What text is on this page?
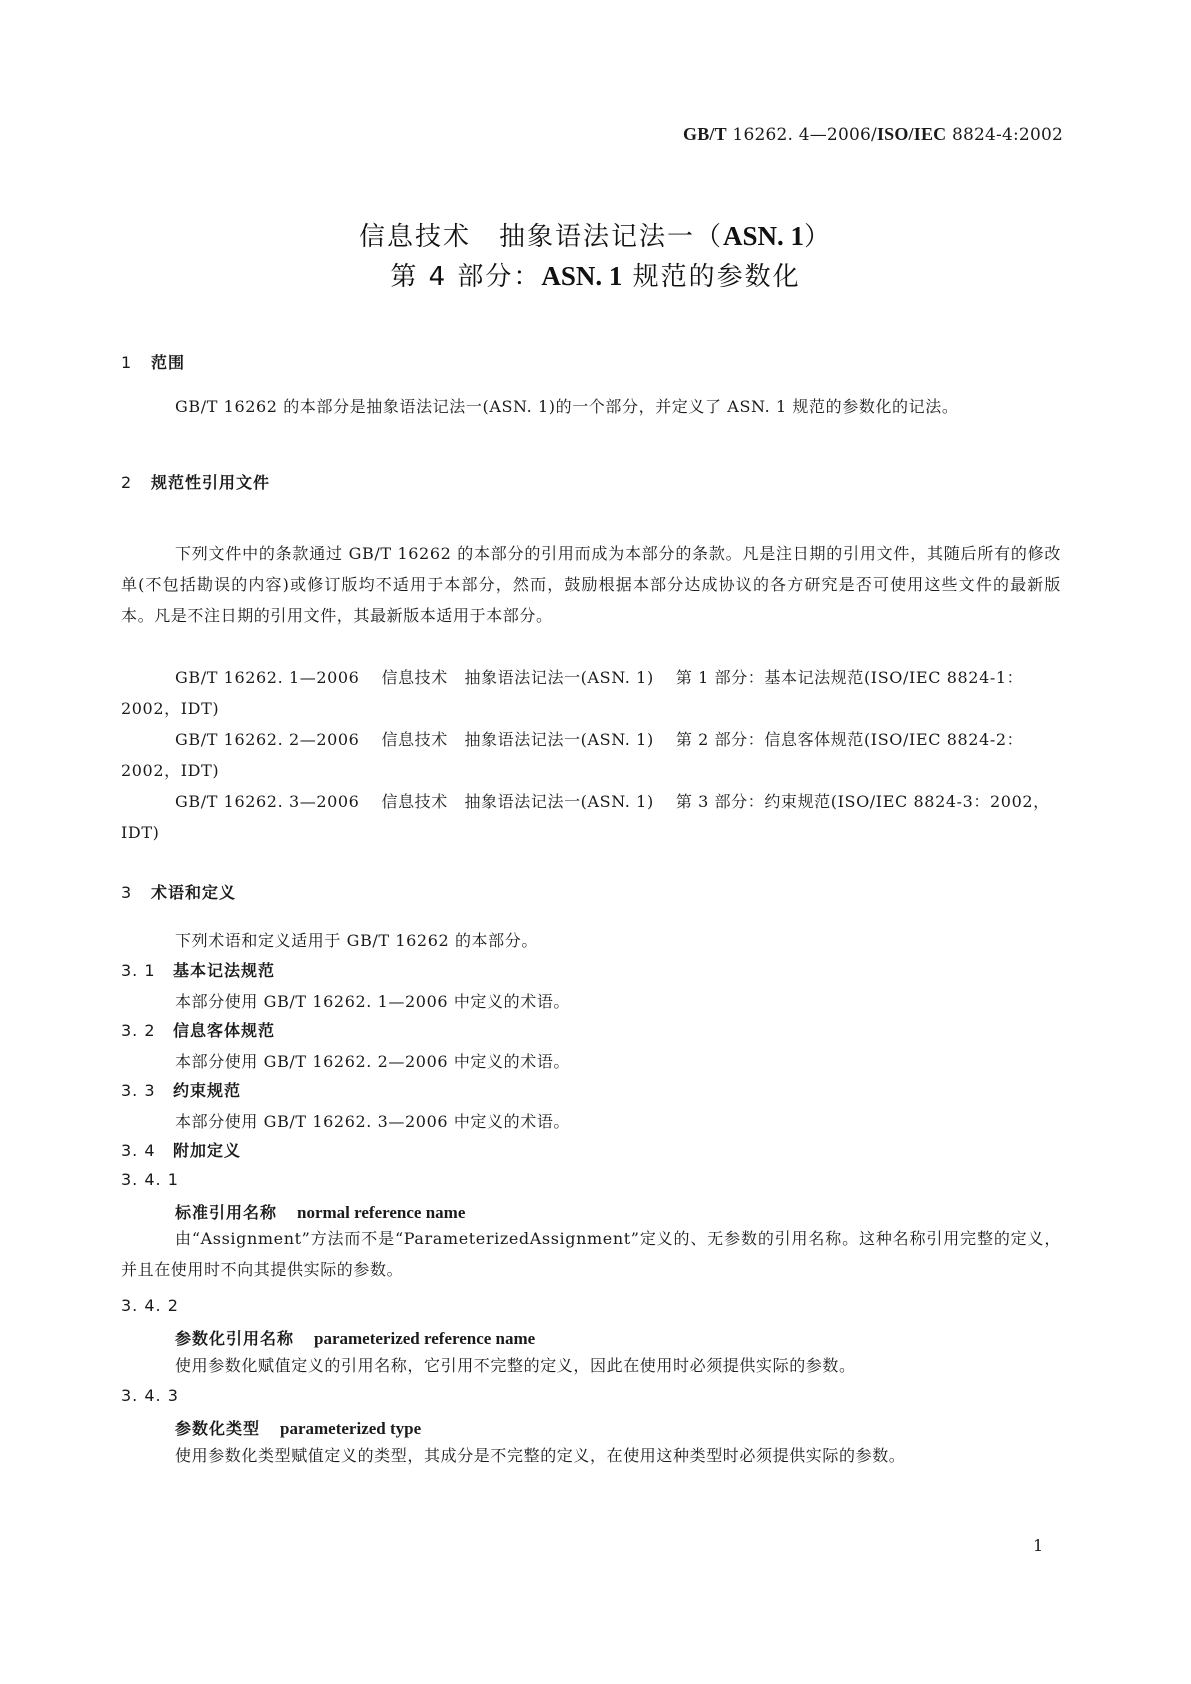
GB/T 16262. 4—2006/ISO/IEC 8824-4:2002
信息技术　抽象语法记法一（ASN. 1）
第 4 部分：ASN. 1 规范的参数化
1 范围
GB/T 16262 的本部分是抽象语法记法一(ASN. 1)的一个部分，并定义了 ASN. 1 规范的参数化的记法。
2 规范性引用文件
下列文件中的条款通过 GB/T 16262 的本部分的引用而成为本部分的条款。凡是注日期的引用文件，其随后所有的修改单(不包括勘误的内容)或修订版均不适用于本部分，然而，鼓励根据本部分达成协议的各方研究是否可使用这些文件的最新版本。凡是不注日期的引用文件，其最新版本适用于本部分。
GB/T 16262. 1—2006 信息技术　抽象语法记法一(ASN. 1) 第 1 部分：基本记法规范(ISO/IEC 8824-1：2002，IDT)
GB/T 16262. 2—2006 信息技术　抽象语法记法一(ASN. 1) 第 2 部分：信息客体规范(ISO/IEC 8824-2：2002，IDT)
GB/T 16262. 3—2006 信息技术　抽象语法记法一(ASN. 1) 第 3 部分：约束规范(ISO/IEC 8824-3：2002，IDT)
3 术语和定义
下列术语和定义适用于 GB/T 16262 的本部分。
3. 1 基本记法规范
本部分使用 GB/T 16262. 1—2006 中定义的术语。
3. 2 信息客体规范
本部分使用 GB/T 16262. 2—2006 中定义的术语。
3. 3 约束规范
本部分使用 GB/T 16262. 3—2006 中定义的术语。
3. 4 附加定义
3. 4. 1
标准引用名称 normal reference name
由“Assignment”方法而不是“ParameterizedAssignment”定义的、无参数的引用名称。这种名称引用完整的定义，并且在使用时不向其提供实际的参数。
3. 4. 2
参数化引用名称 parameterized reference name
使用参数化赋值定义的引用名称，它引用不完整的定义，因此在使用时必须提供实际的参数。
3. 4. 3
参数化类型 parameterized type
使用参数化类型赋值定义的类型，其成分是不完整的定义，在使用这种类型时必须提供实际的参数。
1
